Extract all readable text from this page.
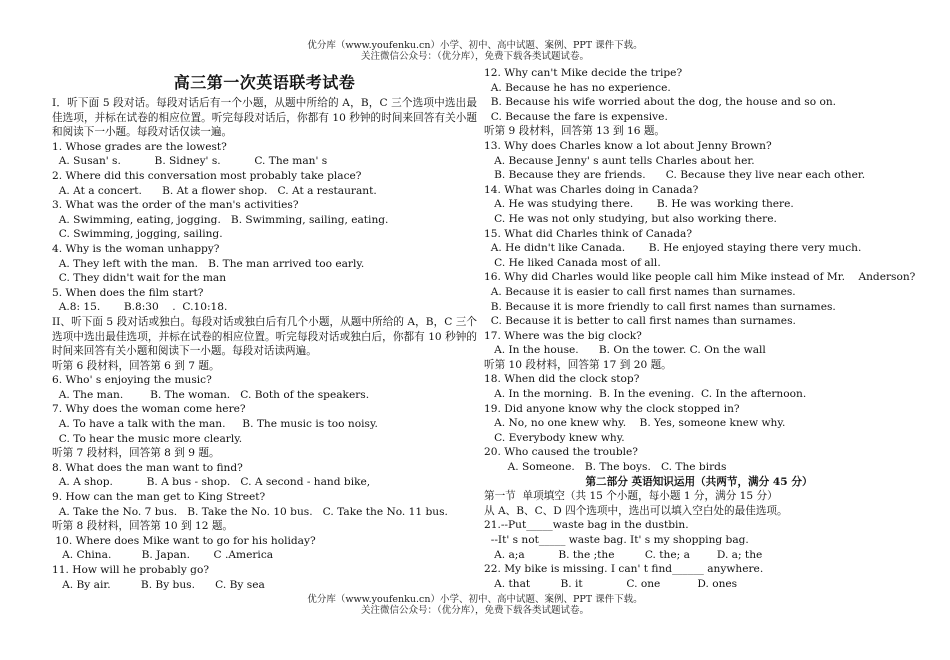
优分库（www.youfenku.cn）小学、初中、高中试题、案例、PPT 课件下载。
关注微信公众号：（优分库），免费下载各类试题试卷。
高三第一次英语联考试卷
I．听下面 5 段对话。每段对话后有一个小题，从题中所给的 A，B，C 三个选项中选出最佳选项，并标在试卷的相应位置。听完每段对话后，你都有 10 秒钟的时间来回答有关小题和阅读下一小题。每段对话仅读一遍。
1. Whose grades are the lowest?
A. Susan' s.          B. Sidney' s.          C. The man' s
2. Where did this conversation most probably take place?
A. At a concert.      B. At a flower shop.   C. At a restaurant.
3. What was the order of the man's activities?
A. Swimming, eating, jogging.   B. Swimming, sailing, eating.
C. Swimming, jogging, sailing.
4. Why is the woman unhappy?
A. They left with the man.   B. The man arrived too early.
C. They didn't wait for the man
5. When does the film start?
A.8: 15.       B.8:30    .  C.10:18.
II、听下面 5 段对话或独白。每段对话或独白后有几个小题，从题中所给的 A，B，C 三个选项中选出最佳选项，并标在试卷的相应位置。听完每段对话或独白后，你都有 10 秒钟的时间来回答有关小题和阅读下一小题。每段对话读两遍。
听第 6 段材料，回答第 6 到 7 题。
6. Who' s enjoying the music?
A. The man.        B. The woman.   C. Both of the speakers.
7. Why does the woman come here?
A. To have a talk with the man.     B. The music is too noisy.
C. To hear the music more clearly.
听第 7 段材料，回答第 8 到 9 题。
8. What does the man want to find?
A. A shop.          B. A bus - shop.   C. A second - hand bike,
9. How can the man get to King Street?
A. Take the No. 7 bus.   B. Take the No. 10 bus.   C. Take the No. 11 bus.
听第 8 段材料，回答第 10 到 12 题。
10. Where does Mike want to go for his holiday?
A. China.         B. Japan.       C .America
11. How will he probably go?
A. By air.         B. By bus.      C. By sea
12. Why can't Mike decide the tripe?
A. Because he has no experience.
B. Because his wife worried about the dog, the house and so on.
C. Because the fare is expensive.
听第 9 段材料，回答第 13 到 16 题。
13. Why does Charles know a lot about Jenny Brown?
A. Because Jenny' s aunt tells Charles about her.
B. Because they are friends.      C. Because they live near each other.
14. What was Charles doing in Canada?
A. He was studying there.       B. He was working there.
C. He was not only studying, but also working there.
15. What did Charles think of Canada?
A. He didn't like Canada.       B. He enjoyed staying there very much.
C. He liked Canada most of all.
16. Why did Charles would like people call him Mike instead of Mr.    Anderson?
A. Because it is easier to call first names than surnames.
B. Because it is more friendly to call first names than surnames.
C. Because it is better to call first names than surnames.
17. Where was the big clock?
A. In the house.      B. On the tower. C. On the wall
听第 10 段材料，回答第 17 到 20 题。
18. When did the clock stop?
A. In the morning.  B. In the evening.  C. In the afternoon.
19. Did anyone know why the clock stopped in?
A. No, no one knew why.    B. Yes, someone knew why.
C. Everybody knew why.
20. Who caused the trouble?
A. Someone.   B. The boys.   C. The birds
第二部分 英语知识运用（共两节，满分 45 分）
第一节  单项填空（共 15 个小题，每小题 1 分，满分 15 分）
从 A、B、C、D 四个选项中，选出可以填入空白处的最佳选项。
21.--Put_____waste bag in the dustbin.
--It' s not_____ waste bag. It' s my shopping bag.
A. a;a          B. the ;the         C. the; a        D. a; the
22. My bike is missing. I can' t find______ anywhere.
A. that         B. it             C. one           D. ones
优分库（www.youfenku.cn）小学、初中、高中试题、案例、PPT 课件下载。
关注微信公众号：（优分库），免费下载各类试题试卷。
